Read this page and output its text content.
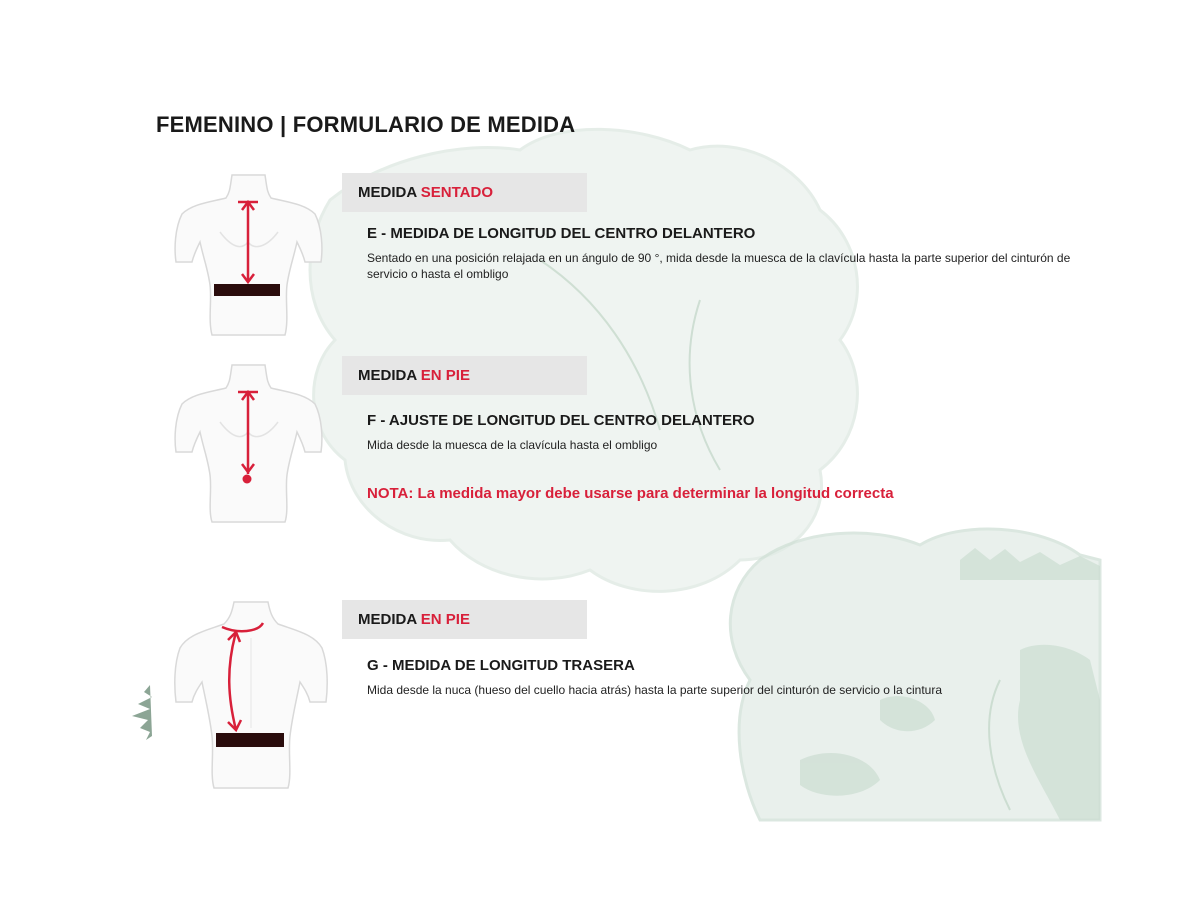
FEMENINO | FORMULARIO DE MEDIDA
MEDIDA SENTADO
E - MEDIDA DE LONGITUD DEL CENTRO DELANTERO

Sentado en una posición relajada en un ángulo de 90 °, mida desde la muesca de la clavícula hasta la parte superior del cinturón de servicio o hasta el ombligo

MEDIDA EN PIE
F - AJUSTE DE LONGITUD DEL CENTRO DELANTERO

Mida desde la muesca de la clavícula hasta el ombligo

NOTA: La medida mayor debe usarse para determinar la longitud correcta

MEDIDA EN PIE
G - MEDIDA DE LONGITUD TRASERA

Mida desde la nuca (hueso del cuello hacia atrás) hasta la parte superior del cinturón de servicio o la cintura
